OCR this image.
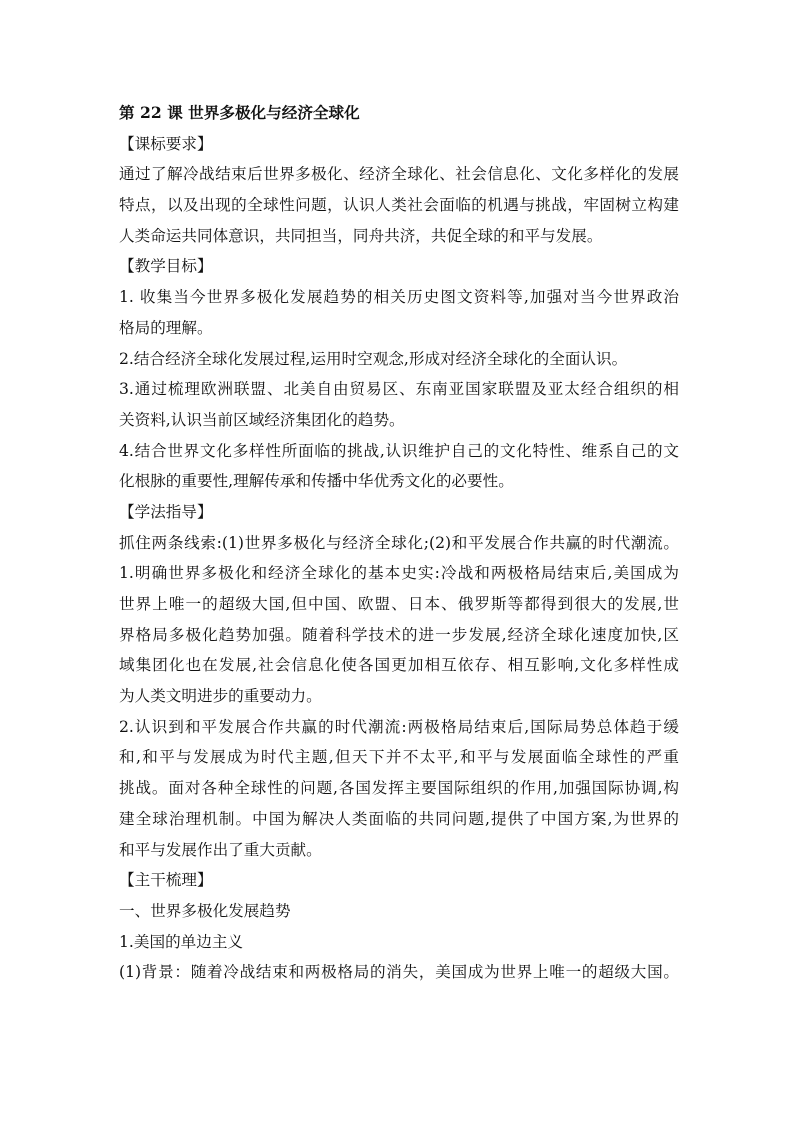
第 22 课 世界多极化与经济全球化
【课标要求】
通过了解冷战结束后世界多极化、经济全球化、社会信息化、文化多样化的发展
特点，以及出现的全球性问题，认识人类社会面临的机遇与挑战，牢固树立构建
人类命运共同体意识，共同担当，同舟共济，共促全球的和平与发展。
【教学目标】
1. 收集当今世界多极化发展趋势的相关历史图文资料等,加强对当今世界政治
格局的理解。
2.结合经济全球化发展过程,运用时空观念,形成对经济全球化的全面认识。
3.通过梳理欧洲联盟、北美自由贸易区、东南亚国家联盟及亚太经合组织的相
关资料,认识当前区域经济集团化的趋势。
4.结合世界文化多样性所面临的挑战,认识维护自己的文化特性、维系自己的文
化根脉的重要性,理解传承和传播中华优秀文化的必要性。
【学法指导】
抓住两条线索:(1)世界多极化与经济全球化;(2)和平发展合作共赢的时代潮流。
1.明确世界多极化和经济全球化的基本史实:冷战和两极格局结束后,美国成为
世界上唯一的超级大国,但中国、欧盟、日本、俄罗斯等都得到很大的发展,世
界格局多极化趋势加强。随着科学技术的进一步发展,经济全球化速度加快,区
域集团化也在发展,社会信息化使各国更加相互依存、相互影响,文化多样性成
为人类文明进步的重要动力。
2.认识到和平发展合作共赢的时代潮流:两极格局结束后,国际局势总体趋于缓
和,和平与发展成为时代主题,但天下并不太平,和平与发展面临全球性的严重
挑战。面对各种全球性的问题,各国发挥主要国际组织的作用,加强国际协调,构
建全球治理机制。中国为解决人类面临的共同问题,提供了中国方案,为世界的
和平与发展作出了重大贡献。
【主干梳理】
一、世界多极化发展趋势
1.美国的单边主义
(1)背景：随着冷战结束和两极格局的消失，美国成为世界上唯一的超级大国。
